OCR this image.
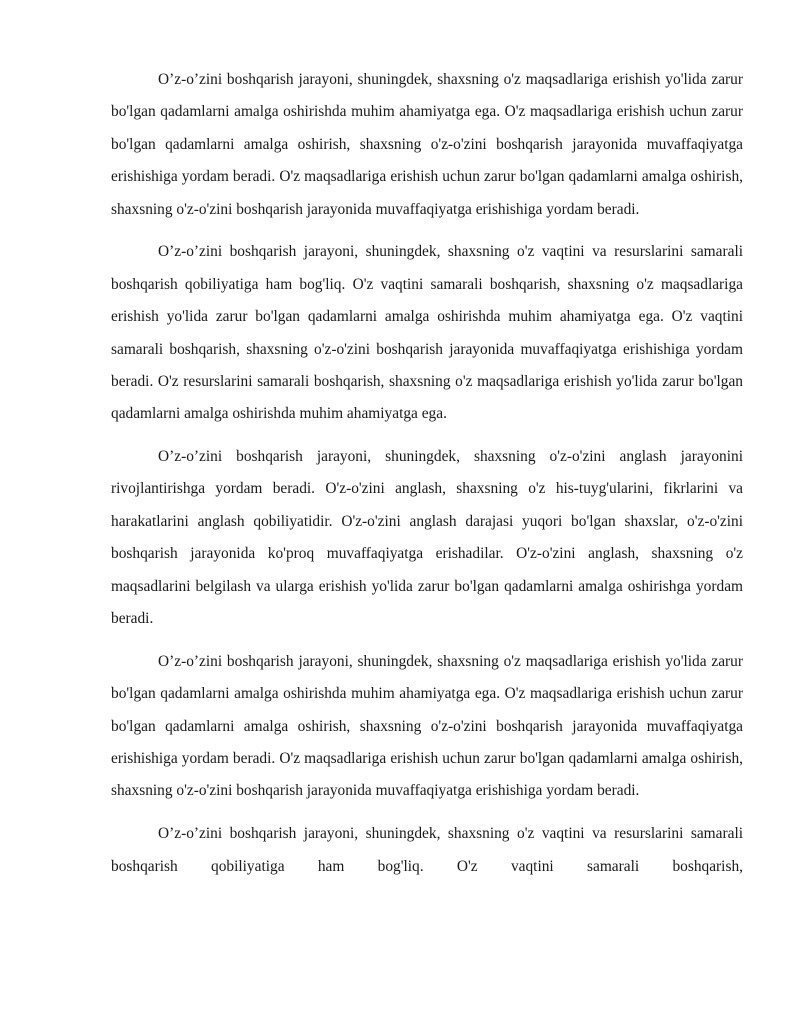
O’z-o’zini boshqarish jarayoni, shuningdek, shaxsning o'z maqsadlariga erishish yo'lida zarur bo'lgan qadamlarni amalga oshirishda muhim ahamiyatga ega. O'z maqsadlariga erishish uchun zarur bo'lgan qadamlarni amalga oshirish, shaxsning o'z-o'zini boshqarish jarayonida muvaffaqiyatga erishishiga yordam beradi. O'z maqsadlariga erishish uchun zarur bo'lgan qadamlarni amalga oshirish, shaxsning o'z-o'zini boshqarish jarayonida muvaffaqiyatga erishishiga yordam beradi.

O’z-o’zini boshqarish jarayoni, shuningdek, shaxsning o'z vaqtini va resurslarini samarali boshqarish qobiliyatiga ham bog'liq. O'z vaqtini samarali boshqarish, shaxsning o'z maqsadlariga erishish yo'lida zarur bo'lgan qadamlarni amalga oshirishda muhim ahamiyatga ega. O'z vaqtini samarali boshqarish, shaxsning o'z-o'zini boshqarish jarayonida muvaffaqiyatga erishishiga yordam beradi. O'z resurslarini samarali boshqarish, shaxsning o'z maqsadlariga erishish yo'lida zarur bo'lgan qadamlarni amalga oshirishda muhim ahamiyatga ega.

O’z-o’zini boshqarish jarayoni, shuningdek, shaxsning o'z-o'zini anglash jarayonini rivojlantirishga yordam beradi. O'z-o'zini anglash, shaxsning o'z his-tuyg'ularini, fikrlarini va harakatlarini anglash qobiliyatidir. O'z-o'zini anglash darajasi yuqori bo'lgan shaxslar, o'z-o'zini boshqarish jarayonida ko'proq muvaffaqiyatga erishadilar. O'z-o'zini anglash, shaxsning o'z maqsadlarini belgilash va ularga erishish yo'lida zarur bo'lgan qadamlarni amalga oshirishga yordam beradi.

O’z-o’zini boshqarish jarayoni, shuningdek, shaxsning o'z maqsadlariga erishish yo'lida zarur bo'lgan qadamlarni amalga oshirishda muhim ahamiyatga ega. O'z maqsadlariga erishish uchun zarur bo'lgan qadamlarni amalga oshirish, shaxsning o'z-o'zini boshqarish jarayonida muvaffaqiyatga erishishiga yordam beradi. O'z maqsadlariga erishish uchun zarur bo'lgan qadamlarni amalga oshirish, shaxsning o'z-o'zini boshqarish jarayonida muvaffaqiyatga erishishiga yordam beradi.

O’z-o’zini boshqarish jarayoni, shuningdek, shaxsning o'z vaqtini va resurslarini samarali boshqarish qobiliyatiga ham bog'liq. O'z vaqtini samarali boshqarish,
